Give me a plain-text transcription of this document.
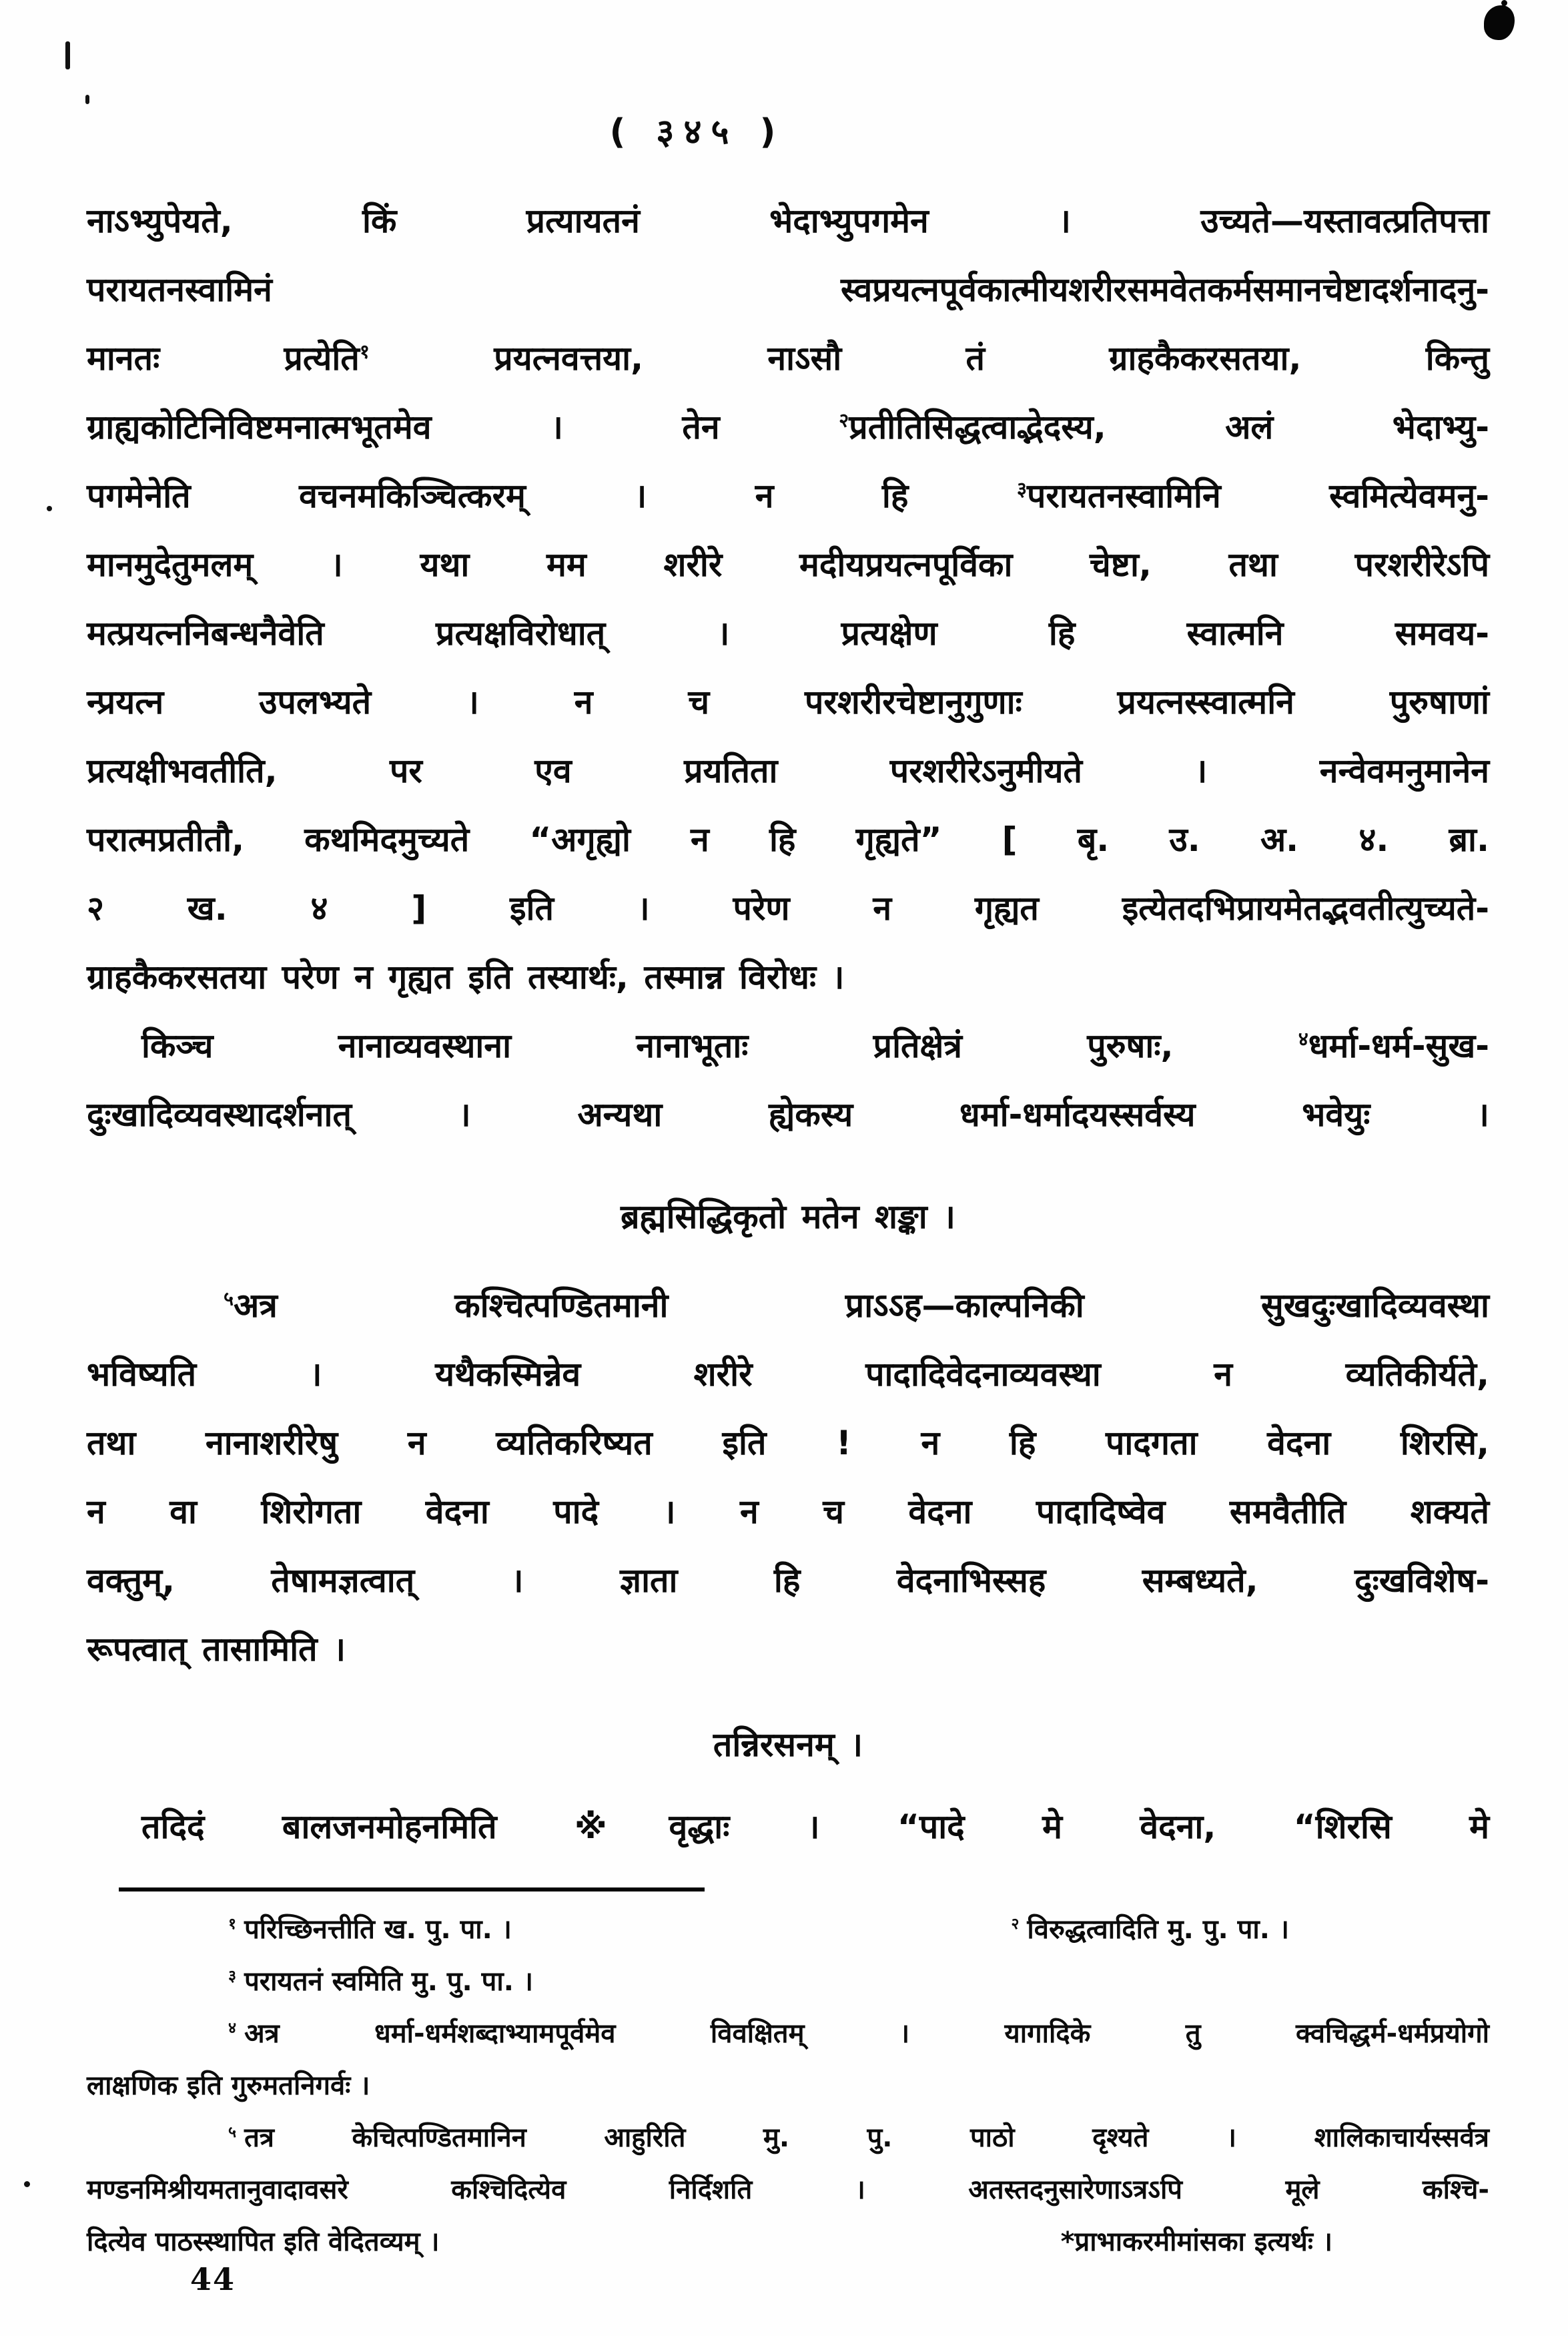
( ३४५ )
नाऽभ्युपेयते, किं प्रत्यायतनं भेदाभ्युपगमेन । उच्यते—यस्तावत्प्रतिपत्ता
परायतनस्वामिनं स्वप्रयत्नपूर्वकात्मीयशरीरसमवेतकर्मसमानचेष्टादर्शनादनु-
मानतः प्रत्येति$^१$ प्रयत्नवत्तया, नाऽसौ तं ग्राहकैकरसतया, किन्तु
ग्राह्यकोटिनिविष्टमनात्मभूतमेव । तेन $^२$प्रतीतिसिद्धत्वाद्भेदस्य, अलं भेदाभ्यु-
पगमेनेति वचनमकिञ्चित्करम् । न हि $^३$परायतनस्वामिनि स्वमित्येवमनु-
मानमुदेतुमलम् । यथा मम शरीरे मदीयप्रयत्नपूर्विका चेष्टा, तथा परशरीरेऽपि
मत्प्रयत्ननिबन्धनैवेति प्रत्यक्षविरोधात् । प्रत्यक्षेण हि स्वात्मनि समवय-
न्प्रयत्न उपलभ्यते । न च परशरीरचेष्टानुगुणाः प्रयत्नस्स्वात्मनि पुरुषाणां
प्रत्यक्षीभवतीति, पर एव प्रयतिता परशरीरेऽनुमीयते । नन्वेवमनुमानेन
परात्मप्रतीतौ, कथमिदमुच्यते “अगृह्यो न हि गृह्यते” [ बृ. उ. अ. ४. ब्रा.
२ ख. ४ ] इति । परेण न गृह्यत इत्येतदभिप्रायमेतद्भवतीत्युच्यते-
ग्राहकैकरसतया परेण न गृह्यत इति तस्यार्थः, तस्मान्न विरोधः ।
किञ्च नानाव्यवस्थाना नानाभूताः प्रतिक्षेत्रं पुरुषाः, $^४$धर्मा-धर्म-सुख-
दुःखादिव्यवस्थादर्शनात् । अन्यथा ह्येकस्य धर्मा-धर्मादयस्सर्वस्य भवेयुः ।
ब्रह्मसिद्धिकृतो मतेन शङ्का ।
$^५$अत्र कश्चित्पण्डितमानी प्राऽऽह—काल्पनिकी सुखदुःखादिव्यवस्था
भविष्यति । यथैकस्मिन्नेव शरीरे पादादिवेदनाव्यवस्था न व्यतिकीर्यते,
तथा नानाशरीरेषु न व्यतिकरिष्यत इति ! न हि पादगता वेदना शिरसि,
न वा शिरोगता वेदना पादे । न च वेदना पादादिष्वेव समवैतीति शक्यते
वक्तुम्, तेषामज्ञत्वात् । ज्ञाता हि वेदनाभिस्सह सम्बध्यते, दुःखविशेष-
रूपत्वात् तासामिति ।
तन्निरसनम् ।
तदिदं बालजनमोहनमिति ※वृद्धाः । “पादे मे वेदना, “शिरसि मे
$^१$ परिच्छिनत्तीति ख. पु. पा. ।	$^२$ विरुद्धत्वादिति मु. पु. पा. ।
$^३$ परायतनं स्वमिति मु. पु. पा. ।
$^४$ अत्र धर्मा-धर्मशब्दाभ्यामपूर्वमेव विवक्षितम् । यागादिके तु क्वचिद्धर्म-धर्मप्रयोगो
लाक्षणिक इति गुरुमतनिगर्वः ।
$^५$ तत्र केचित्पण्डितमानिन आहुरिति मु. पु. पाठो दृश्यते । शालिकाचार्यस्सर्वत्र
मण्डनमिश्रीयमतानुवादावसरे कश्चिदित्येव निर्दिशति । अतस्तदनुसारेणाऽत्रऽपि मूले कश्चि-
दित्येव पाठस्स्थापित इति वेदितव्यम् ।	*प्राभाकरमीमांसका इत्यर्थः ।
44
